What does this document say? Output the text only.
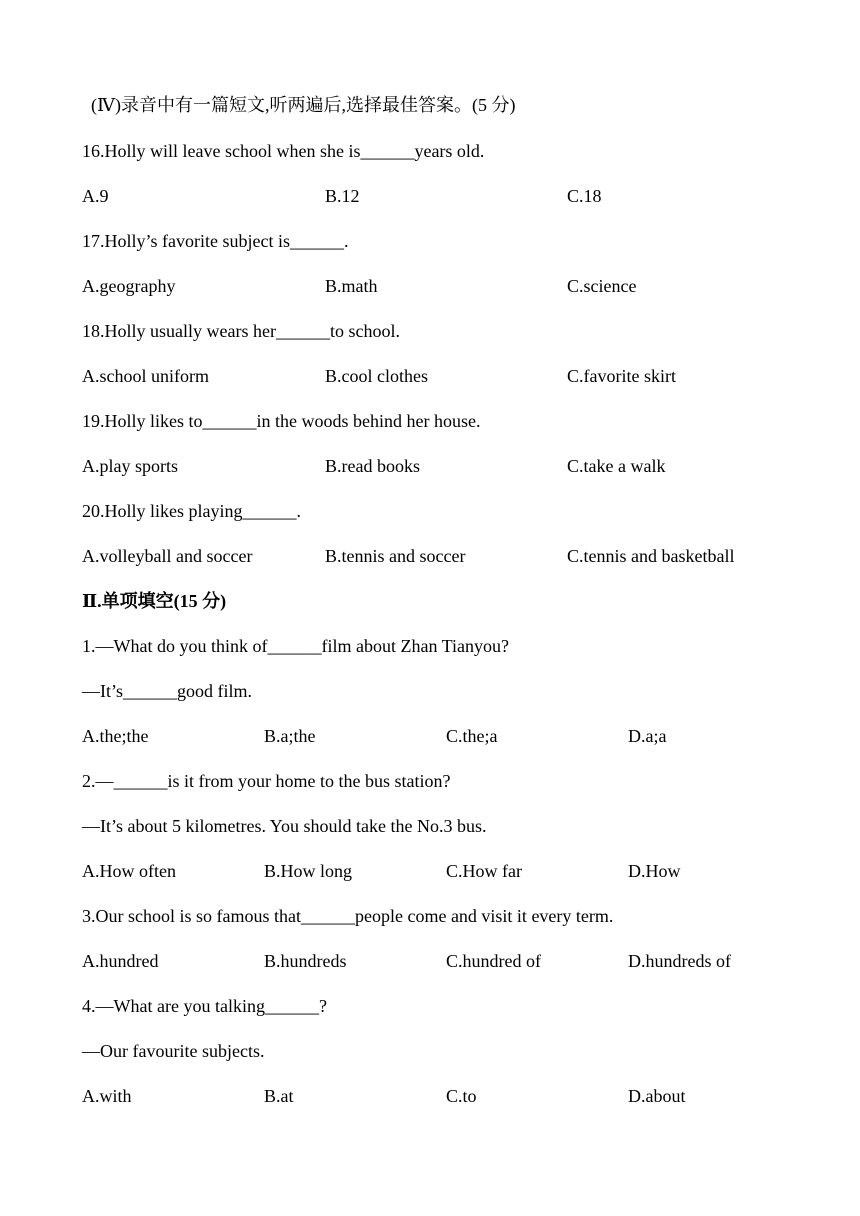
(Ⅳ)录音中有一篇短文,听两遍后,选择最佳答案。(5 分)
16.Holly will leave school when she is______years old.
A.9	B.12	C.18
17.Holly’s favorite subject is______.
A.geography	B.math	C.science
18.Holly usually wears her______to school.
A.school uniform	B.cool clothes	C.favorite skirt
19.Holly likes to______in the woods behind her house.
A.play sports	B.read books	C.take a walk
20.Holly likes playing______.
A.volleyball and soccer	B.tennis and soccer	C.tennis and basketball
Ⅱ.单项填空(15 分)
1.—What do you think of______film about Zhan Tianyou?
—It’s______good film.
A.the;the	B.a;the	C.the;a	D.a;a
2.—______is it from your home to the bus station?
—It’s about 5 kilometres. You should take the No.3 bus.
A.How often	B.How long	C.How far	D.How
3.Our school is so famous that______people come and visit it every term.
A.hundred	B.hundreds	C.hundred of	D.hundreds of
4.—What are you talking______?
—Our favourite subjects.
A.with	B.at	C.to	D.about
